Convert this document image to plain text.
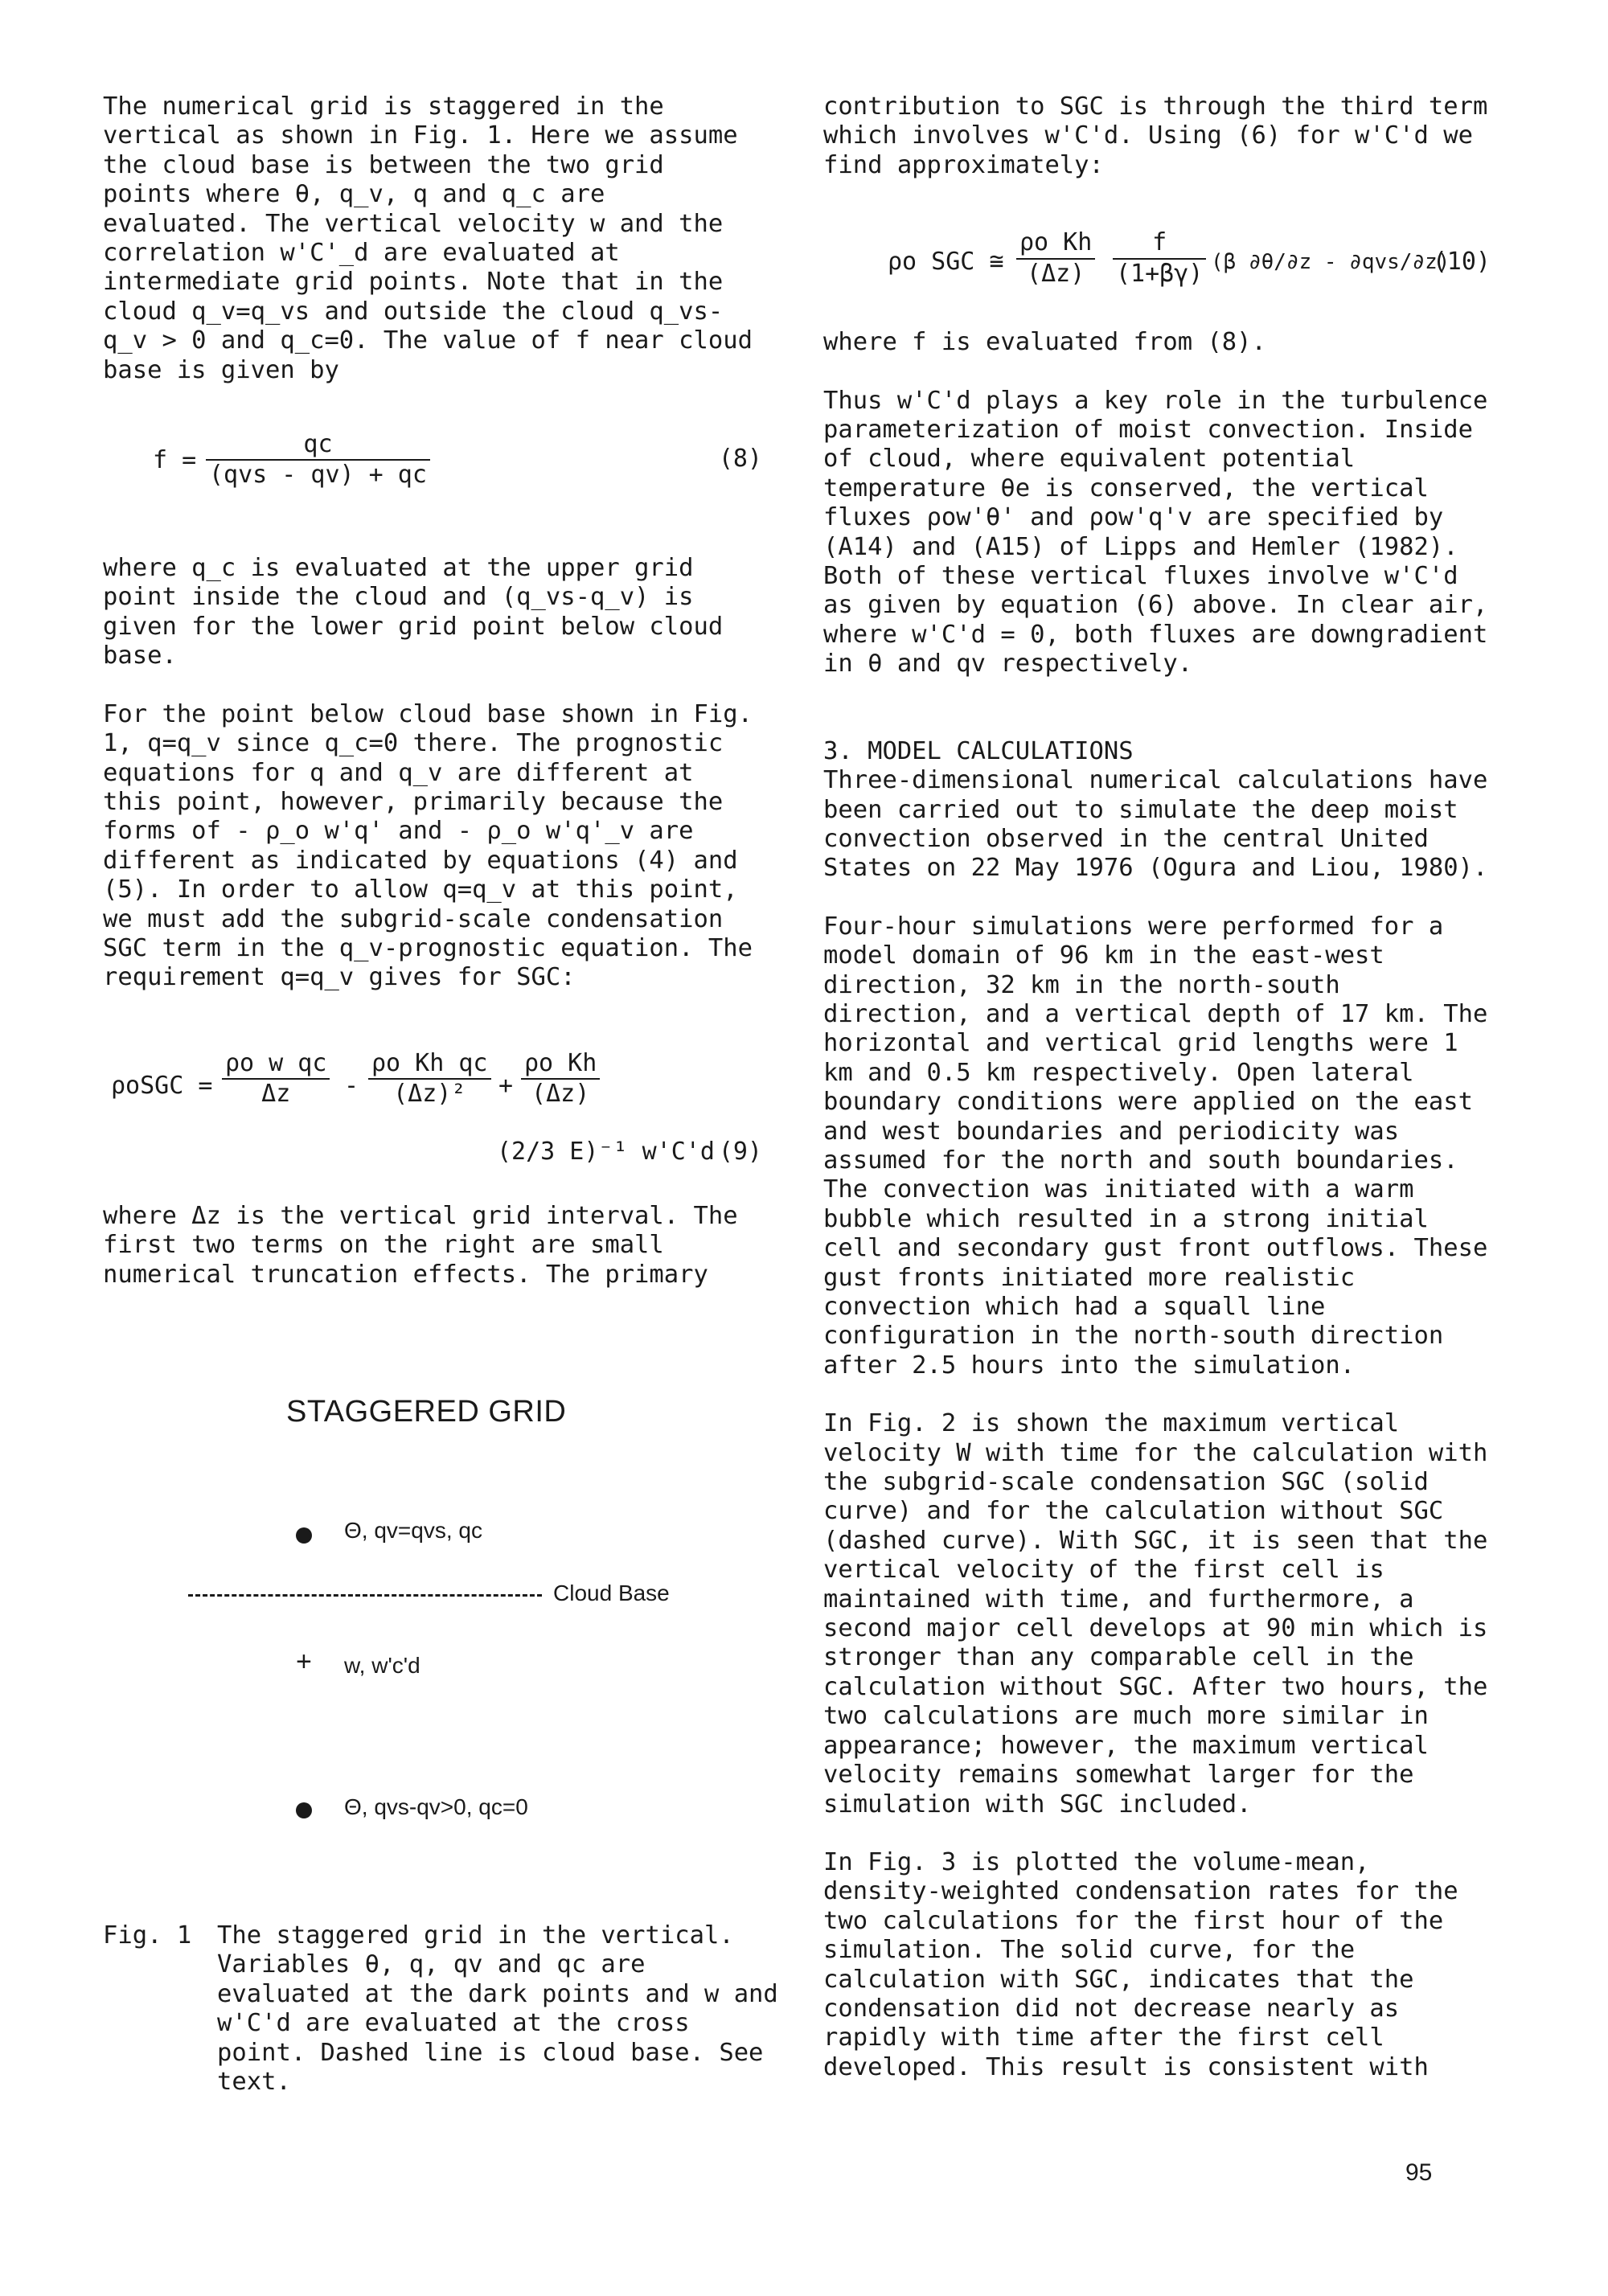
The numerical grid is staggered in the vertical as shown in Fig. 1. Here we assume the cloud base is between the two grid points where θ, q_v, q and q_c are evaluated. The vertical velocity w and the correlation w'C'_d are evaluated at intermediate grid points. Note that in the cloud q_v=q_vs and outside the cloud q_vs-q_v > 0 and q_c=0. The value of f near cloud base is given by

f =
qc
(qvs - qv) + qc
(8)

where q_c is evaluated at the upper grid point inside the cloud and (q_vs-q_v) is given for the lower grid point below cloud base.

For the point below cloud base shown in Fig. 1, q=q_v since q_c=0 there. The prognostic equations for q and q_v are different at this point, however, primarily because the forms of - ρ_o w'q' and - ρ_o w'q'_v are different as indicated by equations (4) and (5). In order to allow q=q_v at this point, we must add the subgrid-scale condensation SGC term in the q_v-prognostic equation. The requirement q=q_v gives for SGC:

ρoSGC = $\frac{\text{ρo w qc}}{\Delta z} - \frac{\text{ρo Kh qc}}{\text{(Δz)²}} + \frac{\text{ρo Kh}}{(\Delta z)}$
(2/3 E)⁻¹ w'C'd (9)

where Δz is the vertical grid interval. The first two terms on the right are small numerical truncation effects. The primary

STAGGERED GRID
Θ, qv=qvs, qc
Cloud Base
+ w, w'c'd
Θ, qvs-qv>0, qc=0
Fig. 1 The staggered grid in the vertical. Variables θ, q, qv and qc are evaluated at the dark points and w and w'C'd are evaluated at the cross point. Dashed line is cloud base. See text.

contribution to SGC is through the third term which involves w'C'd. Using (6) for w'C'd we find approximately:

ρo SGC ≅ $\frac{\text{ρo Kh}}{(\Delta z)} \frac{f}{(1+\beta\gamma)} (\beta$ ∂θ/∂z - ∂qvs/∂z)
(10)

where f is evaluated from (8).

Thus w'C'd plays a key role in the turbulence parameterization of moist convection. Inside of cloud, where equivalent potential temperature θe is conserved, the vertical fluxes ρow'θ' and ρow'q'v are specified by (A14) and (A15) of Lipps and Hemler (1982). Both of these vertical fluxes involve w'C'd as given by equation (6) above. In clear air, where w'C'd = 0, both fluxes are downgradient in θ and qv respectively.

3. MODEL CALCULATIONS

Three-dimensional numerical calculations have been carried out to simulate the deep moist convection observed in the central United States on 22 May 1976 (Ogura and Liou, 1980).

Four-hour simulations were performed for a model domain of 96 km in the east-west direction, 32 km in the north-south direction, and a vertical depth of 17 km. The horizontal and vertical grid lengths were 1 km and 0.5 km respectively. Open lateral boundary conditions were applied on the east and west boundaries and periodicity was assumed for the north and south boundaries. The convection was initiated with a warm bubble which resulted in a strong initial cell and secondary gust front outflows. These gust fronts initiated more realistic convection which had a squall line configuration in the north-south direction after 2.5 hours into the simulation.

In Fig. 2 is shown the maximum vertical velocity W with time for the calculation with the subgrid-scale condensation SGC (solid curve) and for the calculation without SGC (dashed curve). With SGC, it is seen that the vertical velocity of the first cell is maintained with time, and furthermore, a second major cell develops at 90 min which is stronger than any comparable cell in the calculation without SGC. After two hours, the two calculations are much more similar in appearance; however, the maximum vertical velocity remains somewhat larger for the simulation with SGC included.

In Fig. 3 is plotted the volume-mean, density-weighted condensation rates for the two calculations for the first hour of the simulation. The solid curve, for the calculation with SGC, indicates that the condensation did not decrease nearly as rapidly with time after the first cell developed. This result is consistent with

95
